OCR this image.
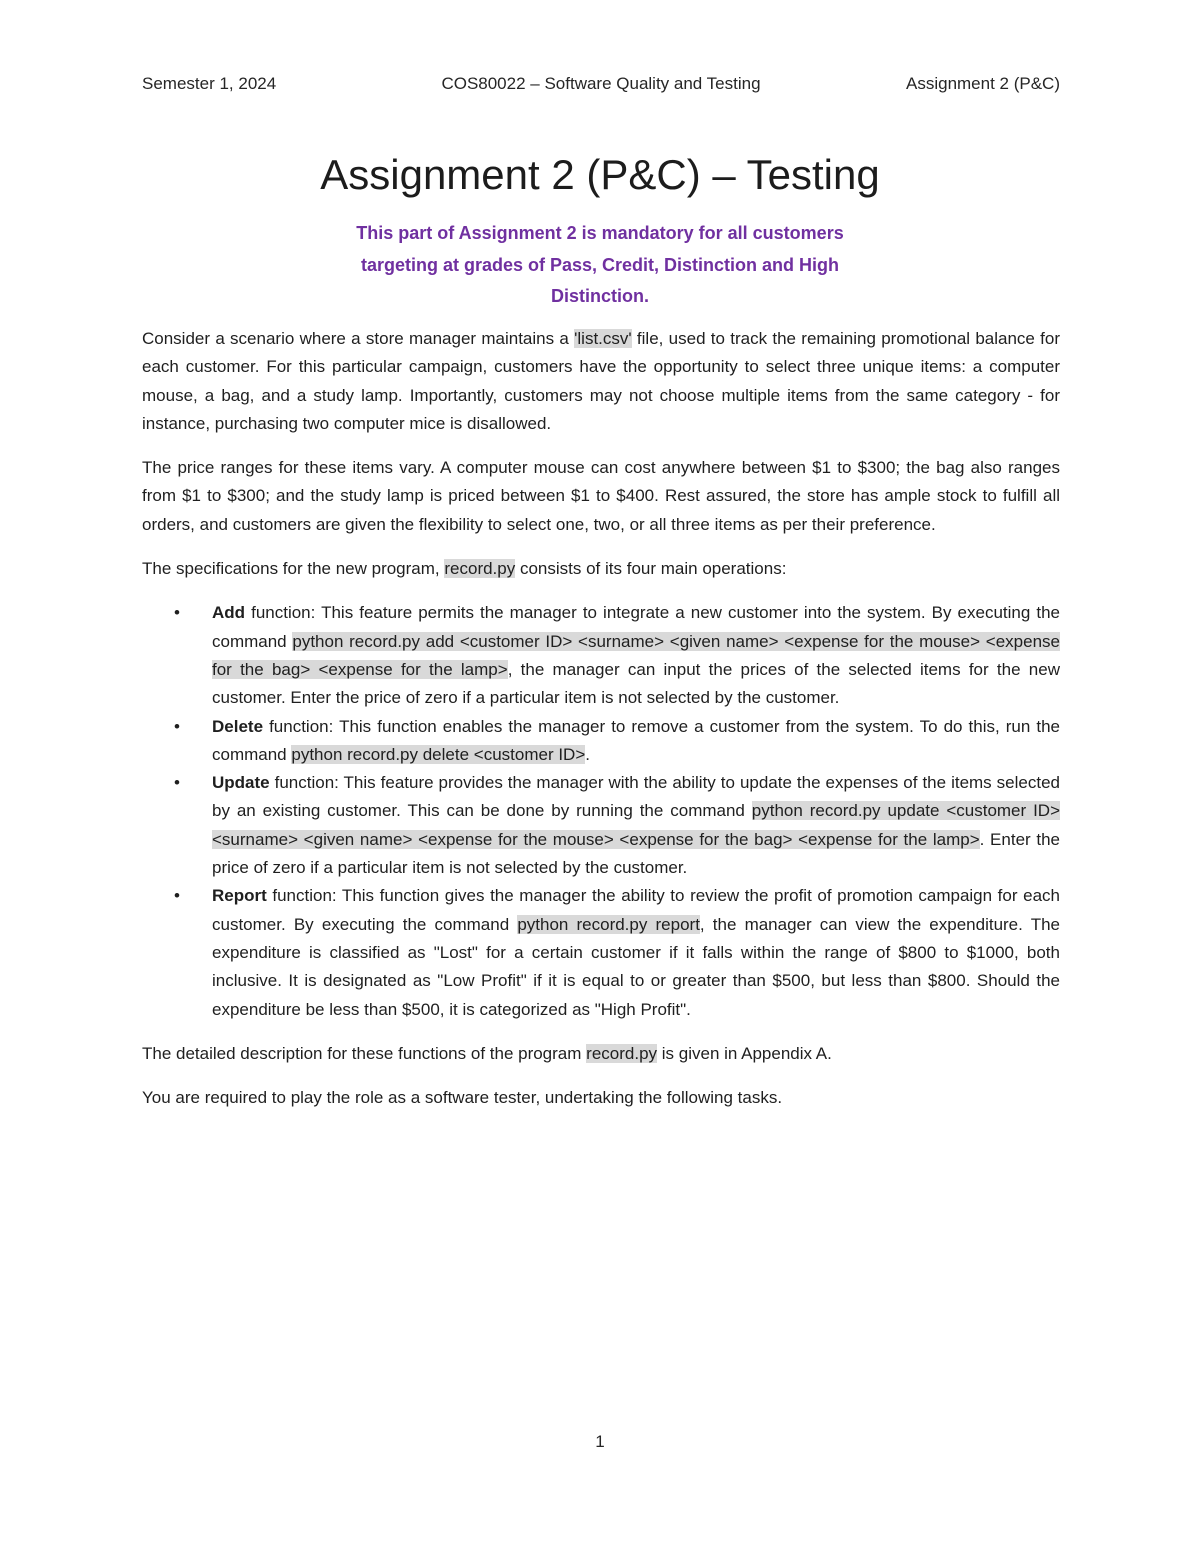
Semester 1, 2024	COS80022 – Software Quality and Testing	Assignment 2 (P&C)
Assignment 2 (P&C) – Testing
This part of Assignment 2 is mandatory for all customers
targeting at grades of Pass, Credit, Distinction and High
Distinction.

Consider a scenario where a store manager maintains a 'list.csv' file, used to track the remaining promotional balance for each customer. For this particular campaign, customers have the opportunity to select three unique items: a computer mouse, a bag, and a study lamp. Importantly, customers may not choose multiple items from the same category - for instance, purchasing two computer mice is disallowed.

The price ranges for these items vary. A computer mouse can cost anywhere between $1 to $300; the bag also ranges from $1 to $300; and the study lamp is priced between $1 to $400. Rest assured, the store has ample stock to fulfill all orders, and customers are given the flexibility to select one, two, or all three items as per their preference.

The specifications for the new program, record.py consists of its four main operations:

• Add function: This feature permits the manager to integrate a new customer into the system. By executing the command python record.py add <customer ID> <surname> <given name> <expense for the mouse> <expense for the bag> <expense for the lamp>, the manager can input the prices of the selected items for the new customer. Enter the price of zero if a particular item is not selected by the customer.
• Delete function: This function enables the manager to remove a customer from the system. To do this, run the command python record.py delete <customer ID>.
• Update function: This feature provides the manager with the ability to update the expenses of the items selected by an existing customer. This can be done by running the command python record.py update <customer ID> <surname> <given name> <expense for the mouse> <expense for the bag> <expense for the lamp>. Enter the price of zero if a particular item is not selected by the customer.
• Report function: This function gives the manager the ability to review the profit of promotion campaign for each customer. By executing the command python record.py report, the manager can view the expenditure. The expenditure is classified as "Lost" for a certain customer if it falls within the range of $800 to $1000, both inclusive. It is designated as "Low Profit" if it is equal to or greater than $500, but less than $800. Should the expenditure be less than $500, it is categorized as "High Profit".

The detailed description for these functions of the program record.py is given in Appendix A.

You are required to play the role as a software tester, undertaking the following tasks.

1
